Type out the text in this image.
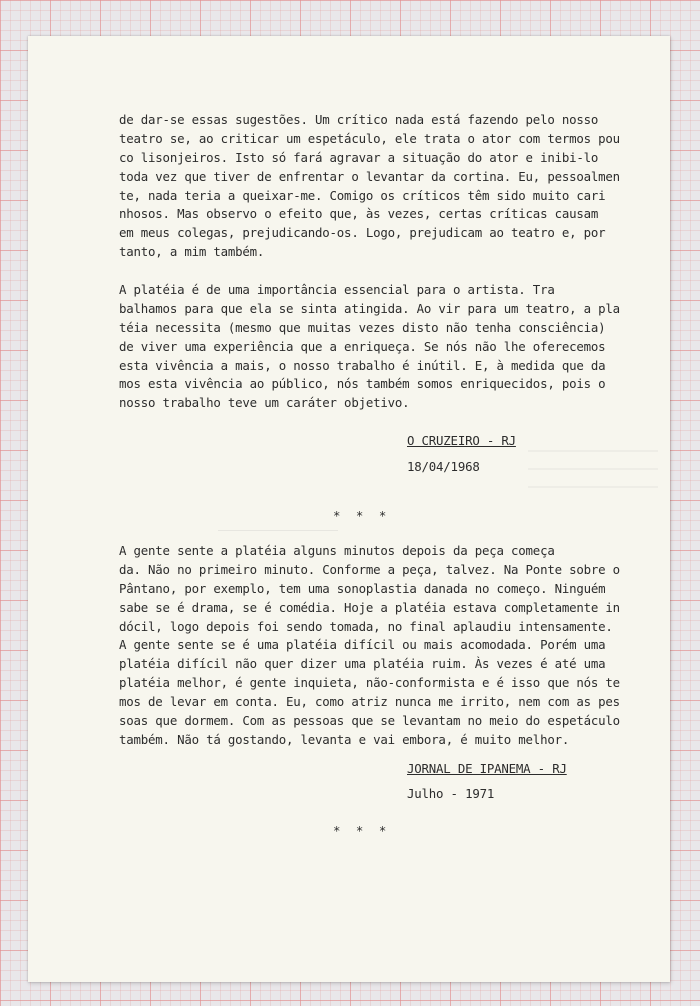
de dar-se essas sugestões. Um crítico nada está fazendo pelo nosso
teatro se, ao criticar um espetáculo, ele trata o ator com termos pou
co lisonjeiros. Isto só fará agravar a situação do ator e inibi-lo
toda vez que tiver de enfrentar o levantar da cortina. Eu, pessoalmen
te, nada teria a queixar-me. Comigo os críticos têm sido muito cari
nhosos. Mas observo o efeito que, às vezes, certas críticas causam
em meus colegas, prejudicando-os. Logo, prejudicam ao teatro e, por
tanto, a mim também.
A platéia é de uma importância essencial para o artista. Tra
balhamos para que ela se sinta atingida. Ao vir para um teatro, a pla
téia necessita (mesmo que muitas vezes disto não tenha consciência)
de viver uma experiência que a enriqueça. Se nós não lhe oferecemos
esta vivência a mais, o nosso trabalho é inútil. E, à medida que da
mos esta vivência ao público, nós também somos enriquecidos, pois o
nosso trabalho teve um caráter objetivo.
O CRUZEIRO - RJ
18/04/1968
* * *
A gente sente a platéia alguns minutos depois da peça começa
da. Não no primeiro minuto. Conforme a peça, talvez. Na Ponte sobre o
Pântano, por exemplo, tem uma sonoplastia danada no começo. Ninguém
sabe se é drama, se é comédia. Hoje a platéia estava completamente in
dócil, logo depois foi sendo tomada, no final aplaudiu intensamente.
A gente sente se é uma platéia difícil ou mais acomodada. Porém uma
platéia difícil não quer dizer uma platéia ruim. Às vezes é até uma
platéia melhor, é gente inquieta, não-conformista e é isso que nós te
mos de levar em conta. Eu, como atriz nunca me irrito, nem com as pes
soas que dormem. Com as pessoas que se levantam no meio do espetáculo
também. Não tá gostando, levanta e vai embora, é muito melhor.
JORNAL DE IPANEMA - RJ
Julho - 1971
* * *
